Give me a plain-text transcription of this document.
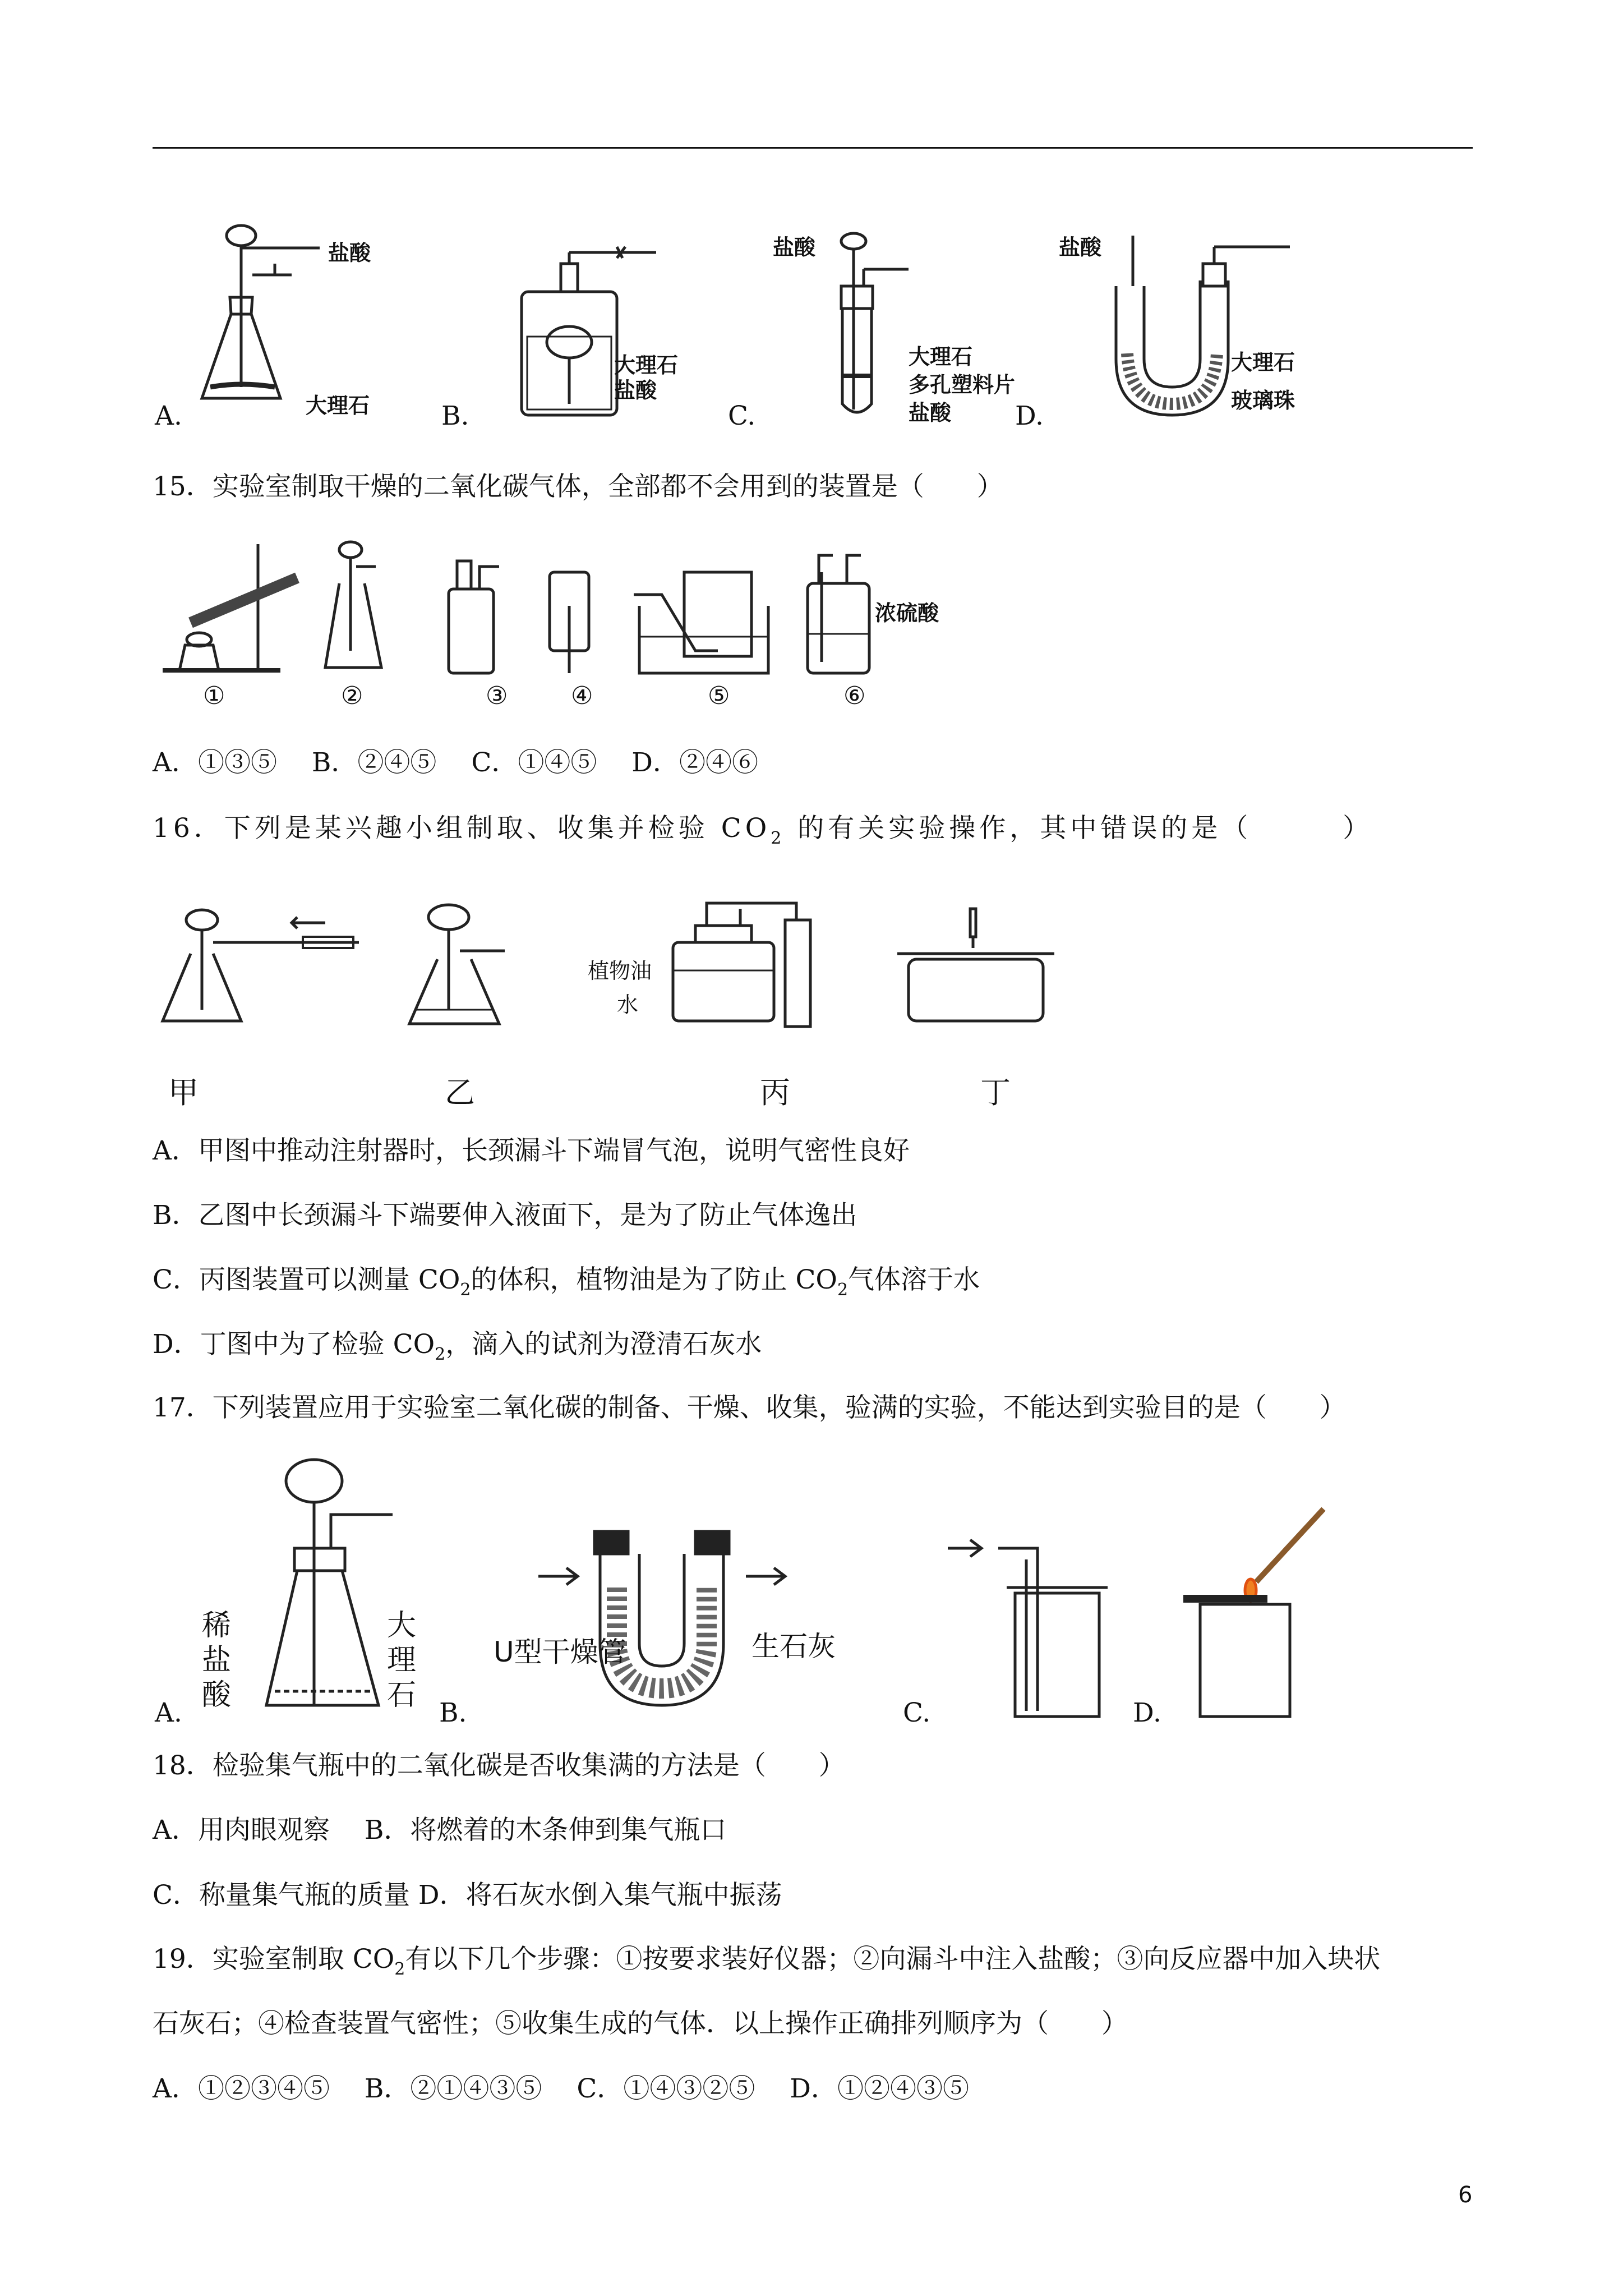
盐酸
大理石
A.
大理石
盐酸
B.
盐酸
大理石
多孔塑料片
盐酸
C.
盐酸
大理石
玻璃珠
D.
15．实验室制取干燥的二氧化碳气体，全部都不会用到的装置是（　　）
浓硫酸
①	②	③	④	⑤	⑥
A．①③⑤　 B．②④⑤　 C．①④⑤　 D．②④⑥
16．下列是某兴趣小组制取、收集并检验 $CO_2$ 的有关实验操作，其中错误的是（　　　）
植物油
水
甲	乙	丙	丁
A．甲图中推动注射器时，长颈漏斗下端冒气泡，说明气密性良好
B．乙图中长颈漏斗下端要伸入液面下，是为了防止气体逸出
C．丙图装置可以测量 $CO_2$的体积，植物油是为了防止 $CO_2$气体溶于水
D．丁图中为了检验 $CO_2$，滴入的试剂为澄清石灰水
17．下列装置应用于实验室二氧化碳的制备、干燥、收集，验满的实验，不能达到实验目的是（　　）
稀
盐
酸
大
理
石
A.
U型干燥管	生石灰
B.	C.	D.
18．检验集气瓶中的二氧化碳是否收集满的方法是（　　）
A．用肉眼观察　 B．将燃着的木条伸到集气瓶口
C．称量集气瓶的质量 D．将石灰水倒入集气瓶中振荡
19．实验室制取 $CO_2$有以下几个步骤：①按要求装好仪器；②向漏斗中注入盐酸；③向反应器中加入块状
石灰石；④检查装置气密性；⑤收集生成的气体．以上操作正确排列顺序为（　　）
A．①②③④⑤　 B．②①④③⑤　 C．①④③②⑤　 D．①②④③⑤
6
